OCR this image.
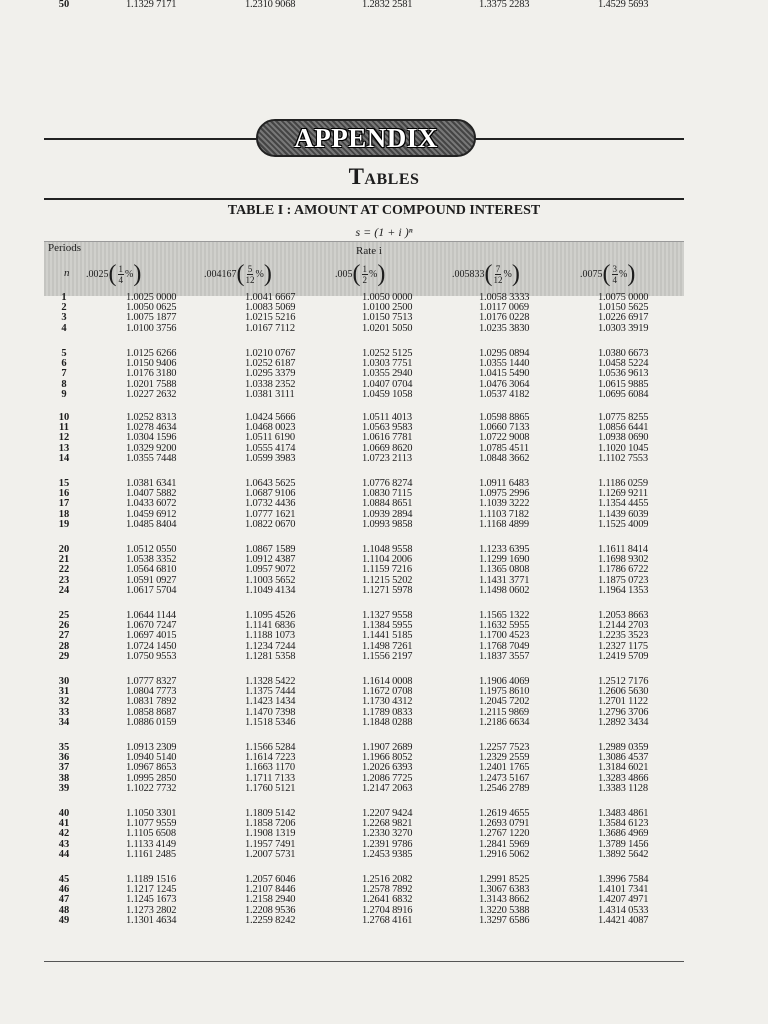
APPENDIX
Tables
TABLE I : AMOUNT AT COMPOUND INTEREST
s = (1 + i )ⁿ
Periods
n
Rate i
.0025 ( $\frac{1}{4}$ % )	.004167 ( $\frac{5}{12}$ % )	.005 ( $\frac{1}{2}$ % )	.005833 ( $\frac{7}{12}$ % )	.0075 ( $\frac{3}{4}$ % )
1	1.0025 0000	1.0041 6667	1.0050 0000	1.0058 3333	1.0075 0000
2	1.0050 0625	1.0083 5069	1.0100 2500	1.0117 0069	1.0150 5625
3	1.0075 1877	1.0215 5216	1.0150 7513	1.0176 0228	1.0226 6917
4	1.0100 3756	1.0167 7112	1.0201 5050	1.0235 3830	1.0303 3919
5	1.0125 6266	1.0210 0767	1.0252 5125	1.0295 0894	1.0380 6673
6	1.0150 9406	1.0252 6187	1.0303 7751	1.0355 1440	1.0458 5224
7	1.0176 3180	1.0295 3379	1.0355 2940	1.0415 5490	1.0536 9613
8	1.0201 7588	1.0338 2352	1.0407 0704	1.0476 3064	1.0615 9885
9	1.0227 2632	1.0381 3111	1.0459 1058	1.0537 4182	1.0695 6084
10	1.0252 8313	1.0424 5666	1.0511 4013	1.0598 8865	1.0775 8255
11	1.0278 4634	1.0468 0023	1.0563 9583	1.0660 7133	1.0856 6441
12	1.0304 1596	1.0511 6190	1.0616 7781	1.0722 9008	1.0938 0690
13	1.0329 9200	1.0555 4174	1.0669 8620	1.0785 4511	1.1020 1045
14	1.0355 7448	1.0599 3983	1.0723 2113	1.0848 3662	1.1102 7553
15	1.0381 6341	1.0643 5625	1.0776 8274	1.0911 6483	1.1186 0259
16	1.0407 5882	1.0687 9106	1.0830 7115	1.0975 2996	1.1269 9211
17	1.0433 6072	1.0732 4436	1.0884 8651	1.1039 3222	1.1354 4455
18	1.0459 6912	1.0777 1621	1.0939 2894	1.1103 7182	1.1439 6039
19	1.0485 8404	1.0822 0670	1.0993 9858	1.1168 4899	1.1525 4009
20	1.0512 0550	1.0867 1589	1.1048 9558	1.1233 6395	1.1611 8414
21	1.0538 3352	1.0912 4387	1.1104 2006	1.1299 1690	1.1698 9302
22	1.0564 6810	1.0957 9072	1.1159 7216	1.1365 0808	1.1786 6722
23	1.0591 0927	1.1003 5652	1.1215 5202	1.1431 3771	1.1875 0723
24	1.0617 5704	1.1049 4134	1.1271 5978	1.1498 0602	1.1964 1353
25	1.0644 1144	1.1095 4526	1.1327 9558	1.1565 1322	1.2053 8663
26	1.0670 7247	1.1141 6836	1.1384 5955	1.1632 5955	1.2144 2703
27	1.0697 4015	1.1188 1073	1.1441 5185	1.1700 4523	1.2235 3523
28	1.0724 1450	1.1234 7244	1.1498 7261	1.1768 7049	1.2327 1175
29	1.0750 9553	1.1281 5358	1.1556 2197	1.1837 3557	1.2419 5709
30	1.0777 8327	1.1328 5422	1.1614 0008	1.1906 4069	1.2512 7176
31	1.0804 7773	1.1375 7444	1.1672 0708	1.1975 8610	1.2606 5630
32	1.0831 7892	1.1423 1434	1.1730 4312	1.2045 7202	1.2701 1122
33	1.0858 8687	1.1470 7398	1.1789 0833	1.2115 9869	1.2796 3706
34	1.0886 0159	1.1518 5346	1.1848 0288	1.2186 6634	1.2892 3434
35	1.0913 2309	1.1566 5284	1.1907 2689	1.2257 7523	1.2989 0359
36	1.0940 5140	1.1614 7223	1.1966 8052	1.2329 2559	1.3086 4537
37	1.0967 8653	1.1663 1170	1.2026 6393	1.2401 1765	1.3184 6021
38	1.0995 2850	1.1711 7133	1.2086 7725	1.2473 5167	1.3283 4866
39	1.1022 7732	1.1760 5121	1.2147 2063	1.2546 2789	1.3383 1128
40	1.1050 3301	1.1809 5142	1.2207 9424	1.2619 4655	1.3483 4861
41	1.1077 9559	1.1858 7206	1.2268 9821	1.2693 0791	1.3584 6123
42	1.1105 6508	1.1908 1319	1.2330 3270	1.2767 1220	1.3686 4969
43	1.1133 4149	1.1957 7491	1.2391 9786	1.2841 5969	1.3789 1456
44	1.1161 2485	1.2007 5731	1.2453 9385	1.2916 5062	1.3892 5642
45	1.1189 1516	1.2057 6046	1.2516 2082	1.2991 8525	1.3996 7584
46	1.1217 1245	1.2107 8446	1.2578 7892	1.3067 6383	1.4101 7341
47	1.1245 1673	1.2158 2940	1.2641 6832	1.3143 8662	1.4207 4971
48	1.1273 2802	1.2208 9536	1.2704 8916	1.3220 5388	1.4314 0533
49	1.1301 4634	1.2259 8242	1.2768 4161	1.3297 6586	1.4421 4087
50	1.1329 7171	1.2310 9068	1.2832 2581	1.3375 2283	1.4529 5693
